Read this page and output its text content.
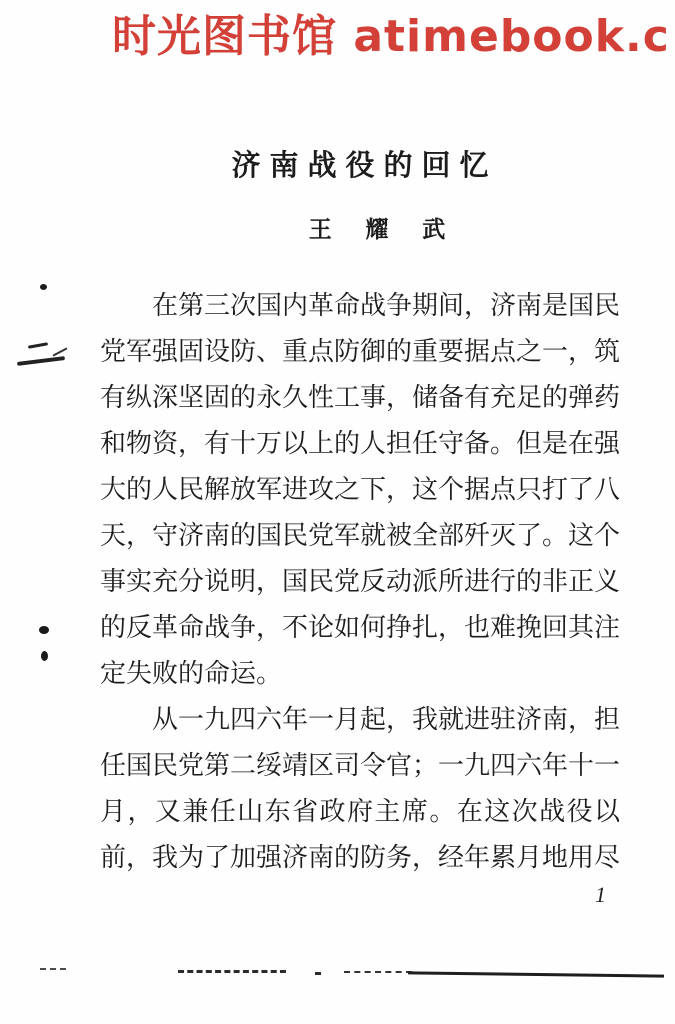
时光图书馆 atimebook.c
济南战役的回忆
王 耀 武
在第三次国内革命战争期间，济南是国民
党军强固设防、重点防御的重要据点之一，筑
有纵深坚固的永久性工事，储备有充足的弹药
和物资，有十万以上的人担任守备。但是在强
大的人民解放军进攻之下，这个据点只打了八
天，守济南的国民党军就被全部歼灭了。这个
事实充分说明，国民党反动派所进行的非正义
的反革命战争，不论如何挣扎，也难挽回其注
定失败的命运。
从一九四六年一月起，我就进驻济南，担
任国民党第二绥靖区司令官；一九四六年十一
月，又兼任山东省政府主席。在这次战役以
前，我为了加强济南的防务，经年累月地用尽
1
